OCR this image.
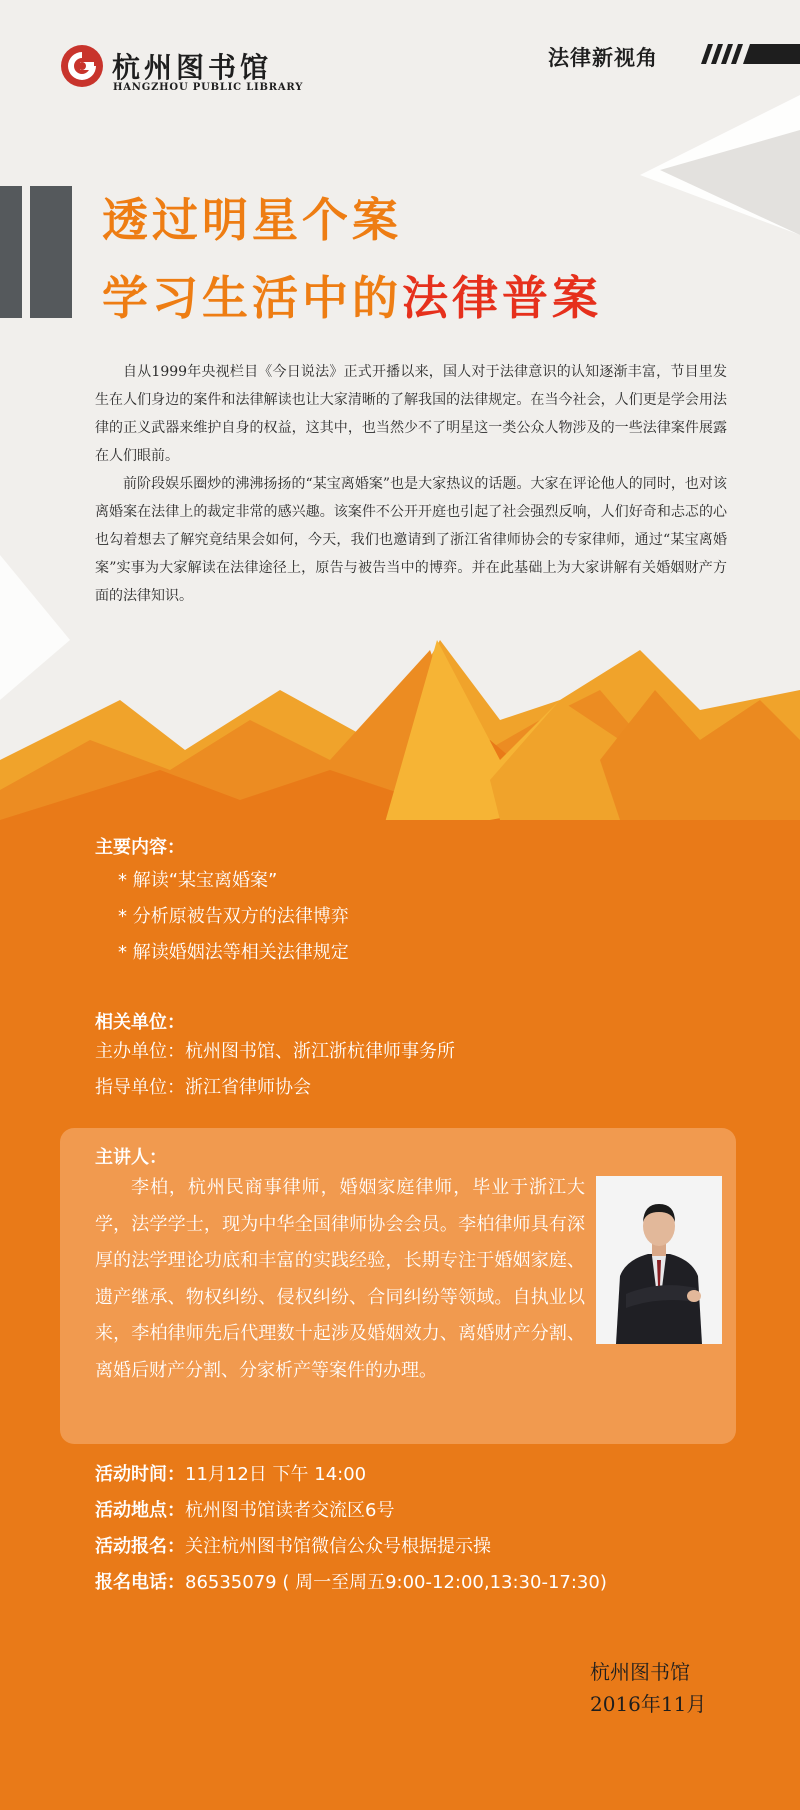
杭州图书馆
HANGZHOU PUBLIC LIBRARY
法律新视角
透过明星个案
学习生活中的法律普案

自从1999年央视栏目《今日说法》正式开播以来，国人对于法律意识的认知逐渐丰富，节目里发生在人们身边的案件和法律解读也让大家清晰的了解我国的法律规定。在当今社会，人们更是学会用法律的正义武器来维护自身的权益，这其中，也当然少不了明星这一类公众人物涉及的一些法律案件展露在人们眼前。

前阶段娱乐圈炒的沸沸扬扬的“某宝离婚案”也是大家热议的话题。大家在评论他人的同时，也对该离婚案在法律上的裁定非常的感兴趣。该案件不公开开庭也引起了社会强烈反响，人们好奇和忐忑的心也勾着想去了解究竟结果会如何，今天，我们也邀请到了浙江省律师协会的专家律师，通过“某宝离婚案”实事为大家解读在法律途径上，原告与被告当中的博弈。并在此基础上为大家讲解有关婚姻财产方面的法律知识。

主要内容：
* 解读“某宝离婚案”
* 分析原被告双方的法律博弈
* 解读婚姻法等相关法律规定
相关单位：
主办单位：杭州图书馆、浙江浙杭律师事务所
指导单位：浙江省律师协会
主讲人：

李柏，杭州民商事律师，婚姻家庭律师，毕业于浙江大学，法学学士，现为中华全国律师协会会员。李柏律师具有深厚的法学理论功底和丰富的实践经验，长期专注于婚姻家庭、遗产继承、物权纠纷、侵权纠纷、合同纠纷等领域。自执业以来，李柏律师先后代理数十起涉及婚姻效力、离婚财产分割、离婚后财产分割、分家析产等案件的办理。

活动时间：11月12日 下午 14:00
活动地点：杭州图书馆读者交流区6号
活动报名：关注杭州图书馆微信公众号根据提示操
报名电话：86535079 ( 周一至周五9:00-12:00,13:30-17:30)
杭州图书馆
2016年11月
